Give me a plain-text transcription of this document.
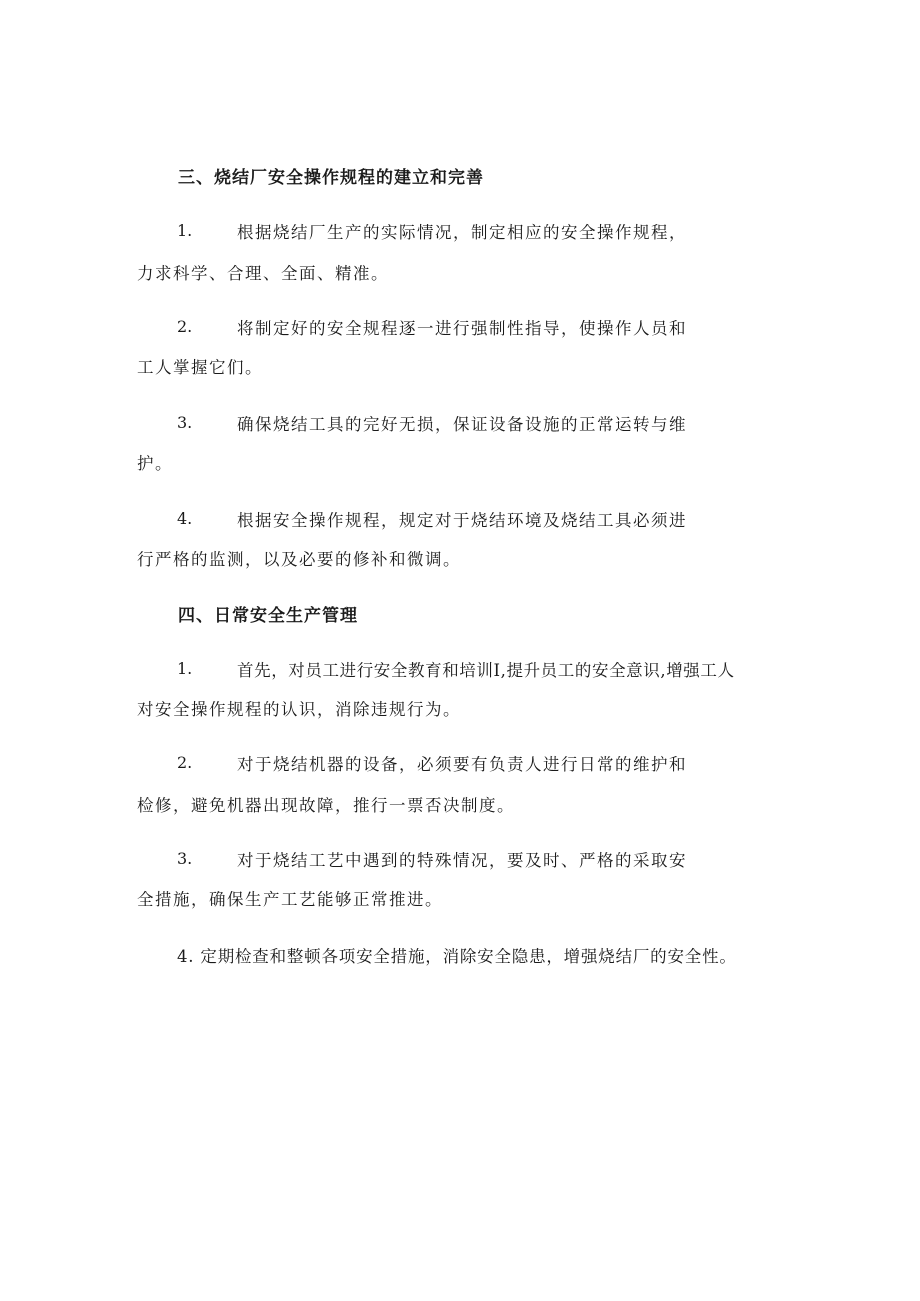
三、烧结厂安全操作规程的建立和完善
1.	根据烧结厂生产的实际情况，制定相应的安全操作规程，
力求科学、合理、全面、精准。
2.	将制定好的安全规程逐一进行强制性指导，使操作人员和
工人掌握它们。
3.	确保烧结工具的完好无损，保证设备设施的正常运转与维
护。
4.	根据安全操作规程，规定对于烧结环境及烧结工具必须进
行严格的监测，以及必要的修补和微调。
四、日常安全生产管理
1.	首先，对员工进行安全教育和培训I,提升员工的安全意识,增强工人
对安全操作规程的认识，消除违规行为。
2.	对于烧结机器的设备，必须要有负责人进行日常的维护和
检修，避免机器出现故障，推行一票否决制度。
3.	对于烧结工艺中遇到的特殊情况，要及时、严格的采取安
全措施，确保生产工艺能够正常推进。
4. 定期检查和整顿各项安全措施，消除安全隐患，增强烧结厂的安全性。
